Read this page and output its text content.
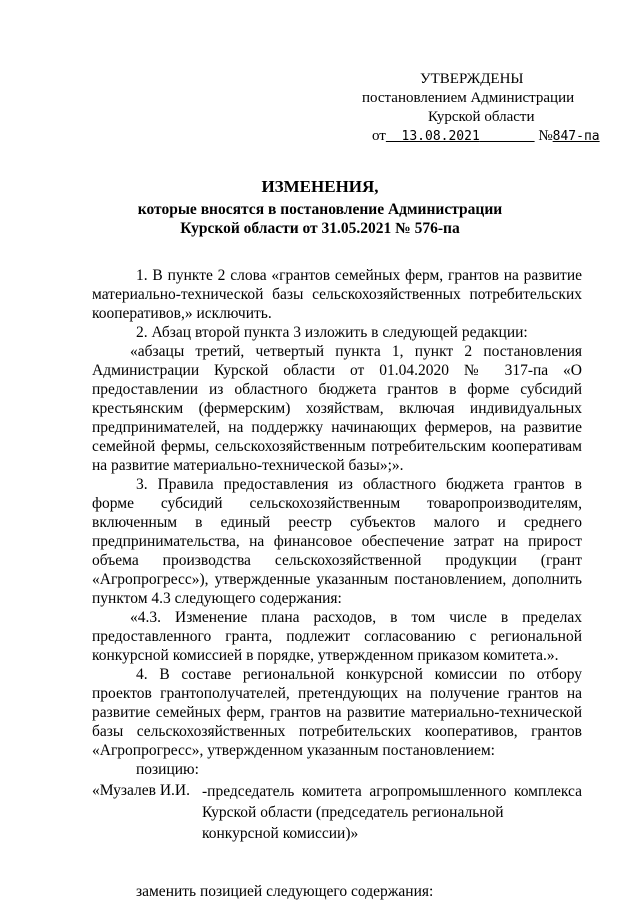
УТВЕРЖДЕНЫ
постановлением Администрации
Курской области
от 13.08.2021	№847-па
ИЗМЕНЕНИЯ,
которые вносятся в постановление Администрации
Курской области от 31.05.2021 № 576-па

1. В пункте 2 слова «грантов семейных ферм, грантов на развитие материально-технической базы сельскохозяйственных потребительских кооперативов,» исключить.

2. Абзац второй пункта 3 изложить в следующей редакции:

«абзацы третий, четвертый пункта 1, пункт 2 постановления Администрации Курской области от 01.04.2020 № 317-па «О предоставлении из областного бюджета грантов в форме субсидий крестьянским (фермерским) хозяйствам, включая индивидуальных предпринимателей, на поддержку начинающих фермеров, на развитие семейной фермы, сельскохозяйственным потребительским кооперативам на развитие материально-технической базы»;».

3. Правила предоставления из областного бюджета грантов в форме субсидий сельскохозяйственным товаропроизводителям, включенным в единый реестр субъектов малого и среднего предпринимательства, на финансовое обеспечение затрат на прирост объема производства сельскохозяйственной продукции (грант «Агропрогресс»), утвержденные указанным постановлением, дополнить пунктом 4.3 следующего содержания:

«4.3. Изменение плана расходов, в том числе в пределах предоставленного гранта, подлежит согласованию с региональной конкурсной комиссией в порядке, утвержденном приказом комитета.».

4. В составе региональной конкурсной комиссии по отбору проектов грантополучателей, претендующих на получение грантов на развитие семейных ферм, грантов на развитие материально-технической базы сельскохозяйственных потребительских кооперативов, грантов «Агропрогресс», утвержденном указанным постановлением:

позицию:

«Музалев И.И. -председатель комитета агропромышленного комплекса
Курской области (председатель региональной конкурсной комиссии)»

заменить позицией следующего содержания:
